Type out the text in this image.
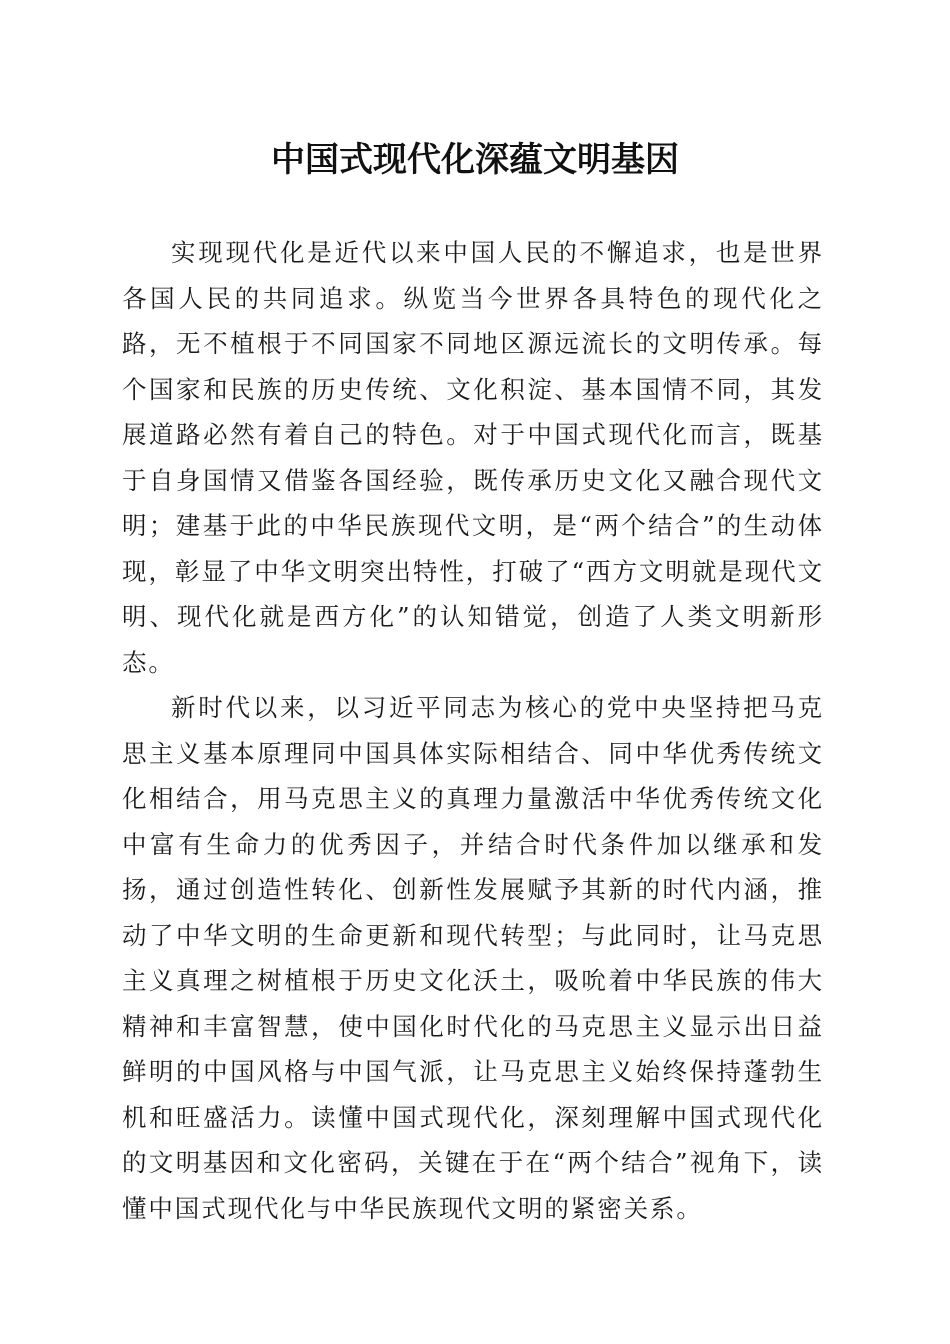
中国式现代化深蕴文明基因

实现现代化是近代以来中国人民的不懈追求，也是世界各国人民的共同追求。纵览当今世界各具特色的现代化之路，无不植根于不同国家不同地区源远流长的文明传承。每个国家和民族的历史传统、文化积淀、基本国情不同，其发展道路必然有着自己的特色。对于中国式现代化而言，既基于自身国情又借鉴各国经验，既传承历史文化又融合现代文明；建基于此的中华民族现代文明，是“两个结合”的生动体现，彰显了中华文明突出特性，打破了“西方文明就是现代文明、现代化就是西方化”的认知错觉，创造了人类文明新形态。

新时代以来，以习近平同志为核心的党中央坚持把马克思主义基本原理同中国具体实际相结合、同中华优秀传统文化相结合，用马克思主义的真理力量激活中华优秀传统文化中富有生命力的优秀因子，并结合时代条件加以继承和发扬，通过创造性转化、创新性发展赋予其新的时代内涵，推动了中华文明的生命更新和现代转型；与此同时，让马克思主义真理之树植根于历史文化沃土，吸吮着中华民族的伟大精神和丰富智慧，使中国化时代化的马克思主义显示出日益鲜明的中国风格与中国气派，让马克思主义始终保持蓬勃生机和旺盛活力。读懂中国式现代化，深刻理解中国式现代化的文明基因和文化密码，关键在于在“两个结合”视角下，读懂中国式现代化与中华民族现代文明的紧密关系。
